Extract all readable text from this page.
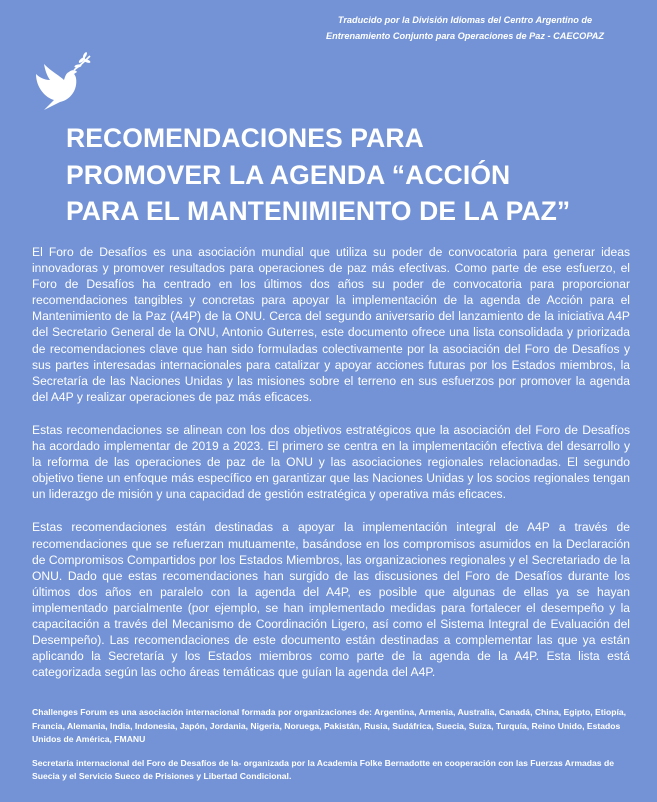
Traducido por la División Idiomas del Centro Argentino de
Entrenamiento Conjunto para Operaciones de Paz - CAECOPAZ
RECOMENDACIONES PARA
PROMOVER LA AGENDA “ACCIÓN
PARA EL MANTENIMIENTO DE LA PAZ”

El Foro de Desafíos es una asociación mundial que utiliza su poder de convocatoria para generar ideas innovadoras y promover resultados para operaciones de paz más efectivas. Como parte de ese esfuerzo, el Foro de Desafíos ha centrado en los últimos dos años su poder de convocatoria para proporcionar recomendaciones tangibles y concretas para apoyar la implementación de la agenda de Acción para el Mantenimiento de la Paz (A4P) de la ONU. Cerca del segundo aniversario del lanzamiento de la iniciativa A4P del Secretario General de la ONU, Antonio Guterres, este documento ofrece una lista consolidada y priorizada de recomendaciones clave que han sido formuladas colectivamente por la asociación del Foro de Desafíos y sus partes interesadas internacionales para catalizar y apoyar acciones futuras por los Estados miembros, la Secretaría de las Naciones Unidas y las misiones sobre el terreno en sus esfuerzos por promover la agenda del A4P y realizar operaciones de paz más eficaces.

Estas recomendaciones se alinean con los dos objetivos estratégicos que la asociación del Foro de Desafíos ha acordado implementar de 2019 a 2023. El primero se centra en la implementación efectiva del desarrollo y la reforma de las operaciones de paz de la ONU y las asociaciones regionales relacionadas. El segundo objetivo tiene un enfoque más específico en garantizar que las Naciones Unidas y los socios regionales tengan un liderazgo de misión y una capacidad de gestión estratégica y operativa más eficaces.

Estas recomendaciones están destinadas a apoyar la implementación integral de A4P a través de recomendaciones que se refuerzan mutuamente, basándose en los compromisos asumidos en la Declaración de Compromisos Compartidos por los Estados Miembros, las organizaciones regionales y el Secretariado de la ONU. Dado que estas recomendaciones han surgido de las discusiones del Foro de Desafíos durante los últimos dos años en paralelo con la agenda del A4P, es posible que algunas de ellas ya se hayan implementado parcialmente (por ejemplo, se han implementado medidas para fortalecer el desempeño y la capacitación a través del Mecanismo de Coordinación Ligero, así como el Sistema Integral de Evaluación del Desempeño). Las recomendaciones de este documento están destinadas a complementar las que ya están aplicando la Secretaría y los Estados miembros como parte de la agenda de la A4P. Esta lista está categorizada según las ocho áreas temáticas que guían la agenda del A4P.

Challenges Forum es una asociación internacional formada por organizaciones de: Argentina, Armenia, Australia, Canadá, China, Egipto, Etiopía, Francia, Alemania, India, Indonesia, Japón, Jordania, Nigeria, Noruega, Pakistán, Rusia, Sudáfrica, Suecia, Suiza, Turquía, Reino Unido, Estados Unidos de América, FMANU

Secretaría internacional del Foro de Desafíos de la- organizada por la Academia Folke Bernadotte en cooperación con las Fuerzas Armadas de Suecia y el Servicio Sueco de Prisiones y Libertad Condicional.
